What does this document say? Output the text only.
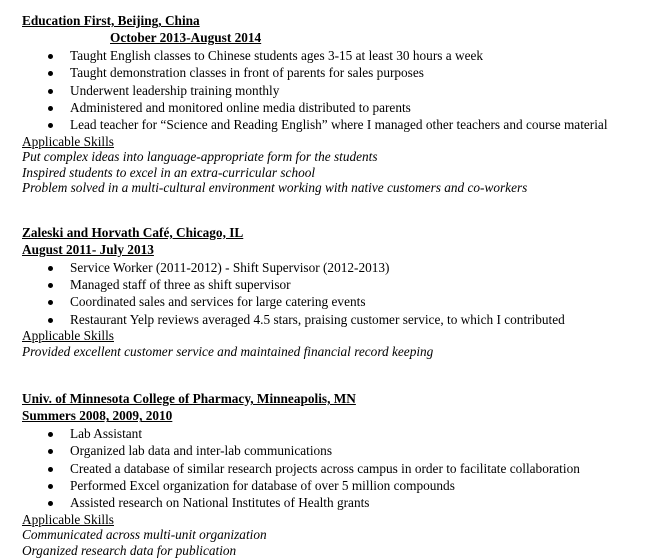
Education First, Beijing, China
October 2013-August 2014
Taught English classes to Chinese students ages 3-15 at least 30 hours a week
Taught demonstration classes in front of parents for sales purposes
Underwent leadership training monthly
Administered and monitored online media distributed to parents
Lead teacher for “Science and Reading English” where I managed other teachers and course material
Applicable Skills
Put complex ideas into language-appropriate form for the students
Inspired students to excel in an extra-curricular school
Problem solved in a multi-cultural environment working with native customers and co-workers
Zaleski and Horvath Café, Chicago, IL
August 2011- July 2013
Service Worker (2011-2012) - Shift Supervisor (2012-2013)
Managed staff of three as shift supervisor
Coordinated sales and services for large catering events
Restaurant Yelp reviews averaged 4.5 stars, praising customer service, to which I contributed
Applicable Skills
Provided excellent customer service and maintained financial record keeping
Univ. of Minnesota College of Pharmacy, Minneapolis, MN
Summers 2008, 2009, 2010
Lab Assistant
Organized lab data and inter-lab communications
Created a database of similar research projects across campus in order to facilitate collaboration
Performed Excel organization for database of over 5 million compounds
Assisted research on National Institutes of Health grants
Applicable Skills
Communicated across multi-unit organization
Organized research data for publication
